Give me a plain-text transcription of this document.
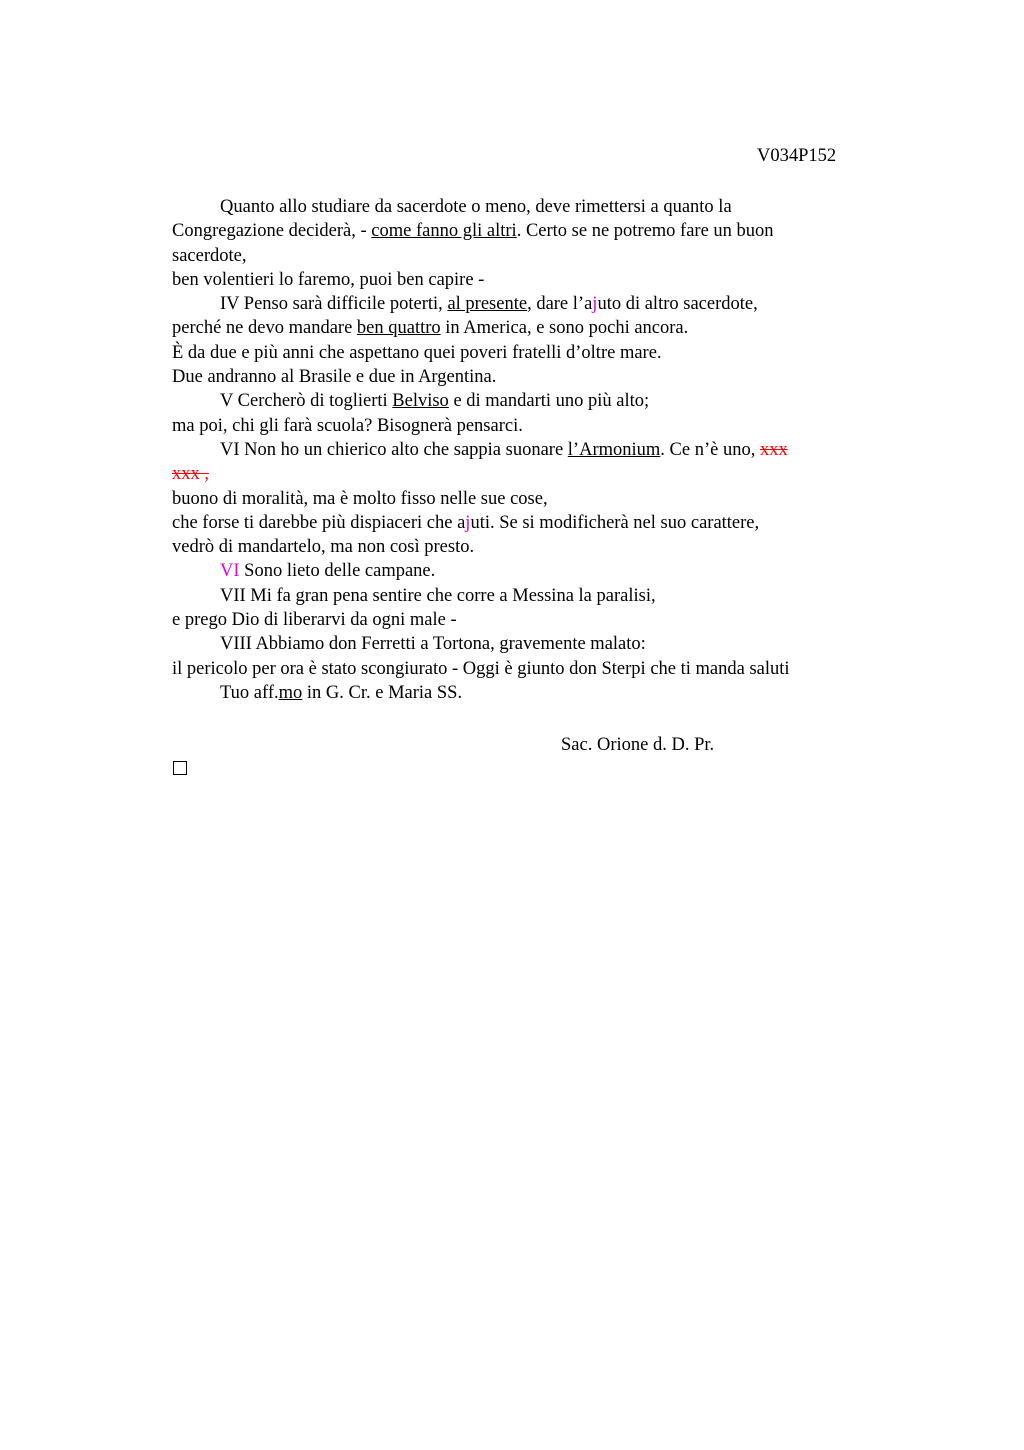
V034P152
Quanto allo studiare da sacerdote o meno, deve rimettersi a quanto la
Congregazione deciderà, - come fanno gli altri. Certo se ne potremo fare un buon
sacerdote,
ben volentieri lo faremo, puoi ben capire -
IV Penso sarà difficile poterti, al presente, dare l’ajuto di altro sacerdote,
perché ne devo mandare ben quattro in America, e sono pochi ancora.
È da due e più anni che aspettano quei poveri fratelli d’oltre mare.
Due andranno al Brasile e due in Argentina.
V Cercherò di toglierti Belviso e di mandarti uno più alto;
ma poi, chi gli farà scuola? Bisognerà pensarci.
VI Non ho un chierico alto che sappia suonare l’Armonium. Ce n’è uno, xxx
xxx ,
buono di moralità, ma è molto fisso nelle sue cose,
che forse ti darebbe più dispiaceri che ajuti. Se si modificherà nel suo carattere,
vedrò di mandartelo, ma non così presto.
VI Sono lieto delle campane.
VII Mi fa gran pena sentire che corre a Messina la paralisi,
e prego Dio di liberarvi da ogni male -
VIII Abbiamo don Ferretti a Tortona, gravemente malato:
il pericolo per ora è stato scongiurato - Oggi è giunto don Sterpi che ti manda saluti
Tuo aff.mo in G. Cr. e Maria SS.
Sac. Orione d. D. Pr.
